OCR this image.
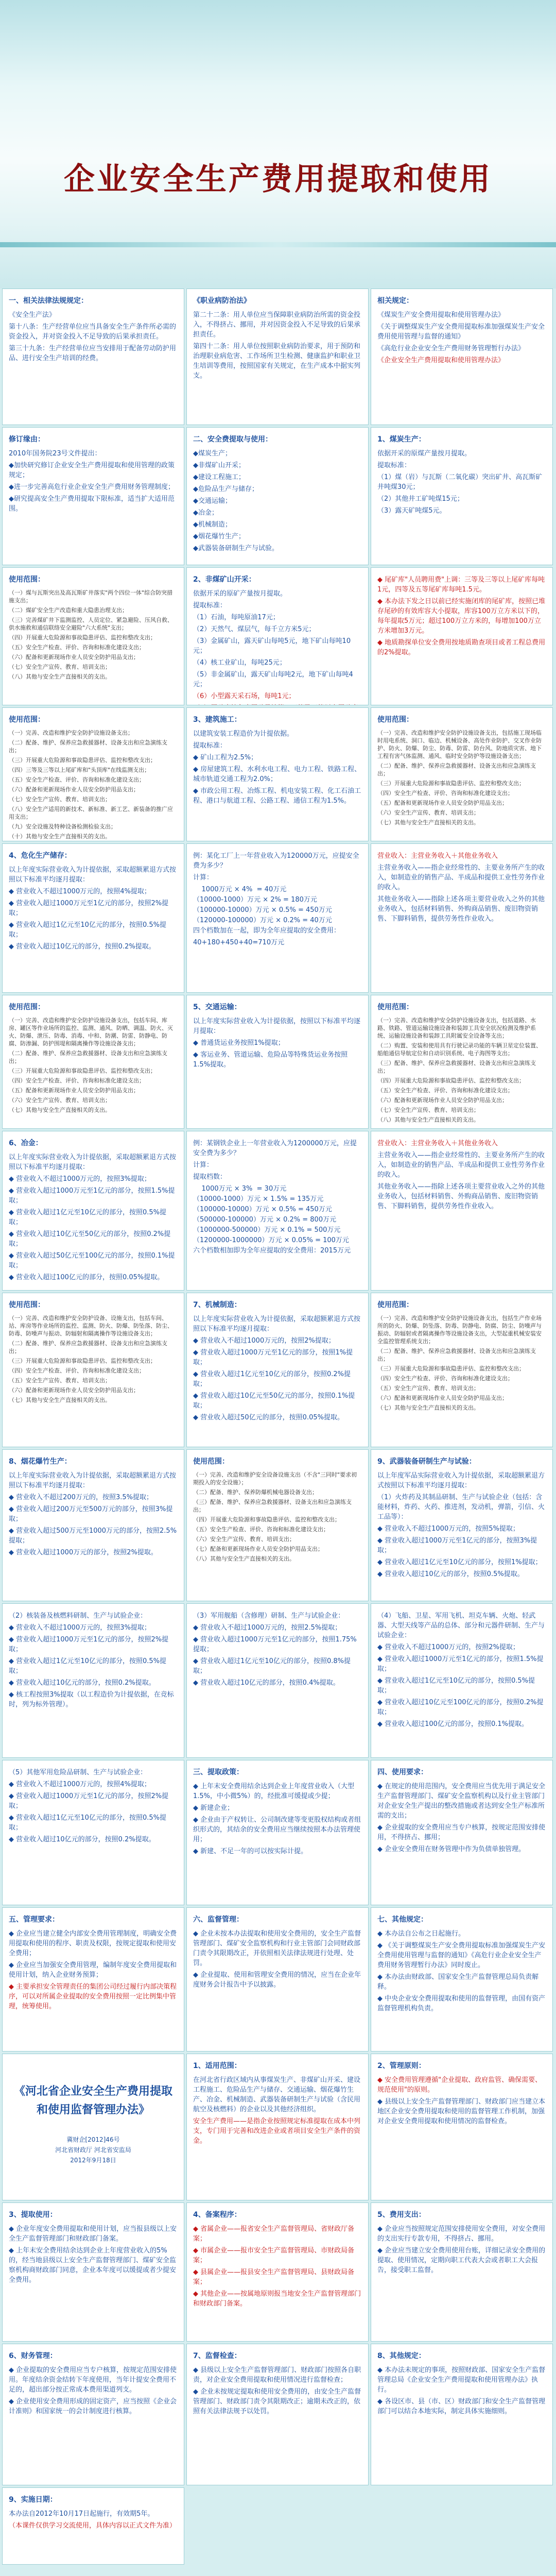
企业安全生产费用提取和使用
一、相关法律法规规定：
《安全生产法》
第十八条：生产经营单位应当具备安全生产条件所必需的资金投入，并对资金投入不足导致的后果承担责任。
第三十九条：生产经营单位应当安排用于配备劳动防护用品、进行安全生产培训的经费。
《职业病防治法》
第二十二条：用人单位应当保障职业病防治所需的资金投入，不得挤占、挪用，并对因资金投入不足导致的后果承担责任。
第四十二条：用人单位按照职业病防治要求，用于预防和治理职业病危害、工作场所卫生检测、健康监护和职业卫生培训等费用，按照国家有关规定，在生产成本中据实列支。
相关规定：
《煤炭生产安全费用提取和使用管理办法》
《关于调整煤炭生产安全费用提取标准加强煤炭生产安全费用使用管理与监督的通知》
《高危行业企业安全生产费用财务管理暂行办法》
《企业安全生产费用提取和使用管理办法》
修订缘由：
2010年国务院23号文件提出：
◆加快研究修订企业安全生产费用提取和使用管理的政策规定；
◆进一步完善高危行业企业安全生产费用财务管理制度；
◆研究提高安全生产费用提取下限标准，适当扩大适用范围。
二、安全费提取与使用：
◆煤炭生产；
◆非煤矿山开采；
◆建设工程施工；
◆危险品生产与储存；
◆交通运输；
◆冶金；
◆机械制造；
◆烟花爆竹生产；
◆武器装备研制生产与试验。
1、煤炭生产：
依据开采的原煤产量按月提取。
提取标准：
（1）煤（岩）与瓦斯（二氧化碳）突出矿井、高瓦斯矿井吨煤30元；
（2）其他井工矿吨煤15元；
（3）露天矿吨煤5元。
使用范围：
（一）煤与瓦斯突出及高瓦斯矿井落实"两个四位一体"综合防突措施支出；
（二）煤矿安全生产改造和重大隐患治理支出；
（三）完善煤矿井下监测监控、人员定位、紧急避险、压风自救、供水施救和通信联络安全避险"六大系统"支出；
（四）开展重大危险源和事故隐患评估、监控和整改支出；
（五）安全生产检查、评价、咨询和标准化建设支出；
（六）配备和更新现场作业人员安全防护用品支出；
（七）安全生产宣传、教育、培训支出；
（八）其他与安全生产直接相关的支出。
2、非煤矿山开采：
依据开采的原矿产量按月提取。
提取标准：
（1）石油，每吨原油17元；
（2）天然气、煤层气，每千立方米5元；
（3）金属矿山，露天矿山每吨5元，地下矿山每吨10元；
（4）核工业矿山，每吨25元；
（5）非金属矿山，露天矿山每吨2元，地下矿山每吨4元；
（6）小型露天采石场，每吨1元；
◆ 尾矿库"人员聘用费"上调：三等及三等以上尾矿库每吨1元，四等及五等尾矿库每吨1.5元。
◆ 本办法下发之日以前已经实施闭库的尾矿库，按照已堆存尾砂的有效库容大小提取，库容100万立方米以下的，每年提取5万元；超过100万立方米的，每增加100万立方米增加3万元。
◆ 地质勘探单位安全费用按地质勘查项目或者工程总费用的2%提取。
使用范围：
（一）完善、改造和维护安全防护设施设备支出；
（二）配备、维护、保养应急救援器材、设备支出和应急演练支出；
（三）开展重大危险源和事故隐患评估、监控和整改支出；
（四）三等及三等以上尾矿库和"头顶库"在线监测支出；
（五）安全生产检查、评价、咨询和标准化建设支出；
（六）配备和更新现场作业人员安全防护用品支出；
（七）安全生产宣传、教育、培训支出；
（八）安全生产适用的新技术、新标准、新工艺、新装备的推广应用支出；
（九）安全设施及特种设备检测检验支出；
（十）其他与安全生产直接相关的支出。
3、建筑施工：
以建筑安装工程造价为计提依据。
提取标准：
◆ 矿山工程为2.5%；
◆ 房屋建筑工程、水利水电工程、电力工程、铁路工程、城市轨道交通工程为2.0%；
◆ 市政公用工程、冶炼工程、机电安装工程、化工石油工程、港口与航道工程、公路工程、通信工程为1.5%。
使用范围：
（一）完善、改造和维护安全防护设施设备支出，包括施工现场临时用电系统、洞口、临边、机械设备、高处作业防护、交叉作业防护、防火、防爆、防尘、防毒、防雷、防台风、防地质灾害、地下工程有害气体监测、通风、临时安全防护等设施设备支出；
（二）配备、维护、保养应急救援器材、设备支出和应急演练支出；
（三）开展重大危险源和事故隐患评估、监控和整改支出；
（四）安全生产检查、评价、咨询和标准化建设支出；
（五）配备和更新现场作业人员安全防护用品支出；
（六）安全生产宣传、教育、培训支出；
（七）其他与安全生产直接相关的支出。
4、危化生产储存：
以上年度实际营业收入为计提依据，采取超额累退方式按照以下标准平均逐月提取：
◆ 营业收入不超过1000万元的，按照4%提取；
◆ 营业收入超过1000万元至1亿元的部分，按照2%提取；
◆ 营业收入超过1亿元至10亿元的部分，按照0.5%提取；
◆ 营业收入超过10亿元的部分，按照0.2%提取。
例：某化工厂上一年营业收入为120000万元，应提安全费为多少？
计算：
1000万元 × 4%  = 40万元
（10000-1000）万元 × 2% = 180万元
（100000-10000）万元 × 0.5% = 450万元
（120000-100000）万元 × 0.2% = 40万元
四个档数加在一起，即为全年应提取的安全费用：
40+180+450+40=710万元
营业收入：主营业务收入＋其他业务收入
主营业务收入——指企业经常性的、主要业务所产生的收入，如制造业的销售产品、半成品和提供工业性劳务作业的收入。
其他业务收入——指除上述各项主要营业收入之外的其他业务收入，包括材料销售、外购商品销售、废旧物资销售、下脚料销售，提供劳务性作业收入。
使用范围：
（一）完善、改造和维护安全防护设施设备支出，包括车间、库房、罐区等作业场所的监控、监测、通风、防晒、调温、防火、灭火、防爆、泄压、防毒、消毒、中和、防潮、防雷、防静电、防腐、防渗漏、防护围堤和隔离操作等设施设备支出；
（二）配备、维护、保养应急救援器材、设备支出和应急演练支出；
（三）开展重大危险源和事故隐患评估、监控和整改支出；
（四）安全生产检查、评价、咨询和标准化建设支出；
（五）配备和更新现场作业人员安全防护用品支出；
（六）安全生产宣传、教育、培训支出；
（七）其他与安全生产直接相关的支出。
5、交通运输：
以上年度实际营业收入为计提依据，按照以下标准平均逐月提取：
◆ 普通货运业务按照1%提取；
◆ 客运业务、管道运输、危险品等特殊货运业务按照1.5%提取。
使用范围：
（一）完善、改造和维护安全防护设施设备支出，包括道路、水路、铁路、管道运输设施设备和装卸工具安全状况检测及维护系统、运输设施设备和装卸工具附属安全设备等支出；
（二）购置、安装和使用具有行驶记录功能的车辆卫星定位装置、船舶通信导航定位和自动识别系统、电子海图等支出；
（三）配备、维护、保养应急救援器材、设备支出和应急演练支出；
（四）开展重大危险源和事故隐患评估、监控和整改支出；
（五）安全生产检查、评价、咨询和标准化建设支出；
（六）配备和更新现场作业人员安全防护用品支出；
（七）安全生产宣传、教育、培训支出；
（八）其他与安全生产直接相关的支出。
6、冶金：
以上年度实际营业收入为计提依据，采取超额累退方式按照以下标准平均逐月提取：
◆ 营业收入不超过1000万元的，按照3%提取；
◆ 营业收入超过1000万元至1亿元的部分，按照1.5%提取；
◆ 营业收入超过1亿元至10亿元的部分，按照0.5%提取；
◆ 营业收入超过10亿元至50亿元的部分，按照0.2%提取；
◆ 营业收入超过50亿元至100亿元的部分，按照0.1%提取；
◆ 营业收入超过100亿元的部分，按照0.05%提取。
例：某钢铁企业上一年营业收入为1200000万元，应提安全费为多少？
计算：
提取档数：
1000万元 × 3%  = 30万元
（10000-1000）万元 × 1.5% = 135万元
（100000-10000）万元 × 0.5% = 450万元
（500000-100000）万元 × 0.2% = 800万元
（1000000-500000）万元 × 0.1% = 500万元
（1200000-1000000）万元 × 0.05% = 100万元
六个档数相加即为全年应提取的安全费用：2015万元
营业收入：主营业务收入＋其他业务收入
主营业务收入——指企业经常性的、主要业务所产生的收入，如制造业的销售产品、半成品和提供工业性劳务作业的收入。
其他业务收入——指除上述各项主要营业收入之外的其他业务收入，包括材料销售、外购商品销售、废旧物资销售、下脚料销售，提供劳务性作业收入。
使用范围：
（一）完善、改造和维护安全防护设备、设施支出，包括车间、站、库房等作业场所的监控、监测、防火、防爆、防坠落、防尘、防毒、防噪声与振动、防辐射和隔离操作等设施设备支出；
（二）配备、维护、保养应急救援器材、设备支出和应急演练支出；
（三）开展重大危险源和事故隐患评估、监控和整改支出；
（四）安全生产检查、评价、咨询和标准化建设支出；
（五）安全生产宣传、教育、培训支出；
（六）配备和更新现场作业人员安全防护用品支出；
（七）其他与安全生产直接相关的支出。
7、机械制造：
以上年度实际营业收入为计提依据，采取超额累退方式按照以下标准平均逐月提取：
◆ 营业收入不超过1000万元的，按照2%提取；
◆ 营业收入超过1000万元至1亿元的部分，按照1%提取；
◆ 营业收入超过1亿元至10亿元的部分，按照0.2%提取；
◆ 营业收入超过10亿元至50亿元的部分，按照0.1%提取；
◆ 营业收入超过50亿元的部分，按照0.05%提取。
使用范围：
（一）完善、改造和维护安全防护设施设备支出，包括生产作业场所的防火、防爆、防坠落、防毒、防静电、防腐、防尘、防噪声与振动、防辐射或者隔离操作等设施设备支出，大型起重机械安装安全监控管理系统支出；
（二）配备、维护、保养应急救援器材、设备支出和应急演练支出；
（三）开展重大危险源和事故隐患评估、监控和整改支出；
（四）安全生产检查、评价、咨询和标准化建设支出；
（五）安全生产宣传、教育、培训支出；
（六）配备和更新现场作业人员安全防护用品支出；
（七）其他与安全生产直接相关的支出。
8、烟花爆竹生产：
以上年度实际营业收入为计提依据，采取超额累退方式按照以下标准平均逐月提取：
◆ 营业收入不超过200万元的，按照3.5%提取；
◆ 营业收入超过200万元至500万元的部分，按照3%提取；
◆ 营业收入超过500万元至1000万元的部分，按照2.5%提取；
◆ 营业收入超过1000万元的部分，按照2%提取。
使用范围：
（一）完善、改造和维护安全设备设施支出（不含"三同时"要求初期投入的安全设施）；
（二）配备、维护、保养防爆机械电器设备支出；
（三）配备、维护、保养应急救援器材、设备支出和应急演练支出；
（四）开展重大危险源和事故隐患评估、监控和整改支出；
（五）安全生产检查、评价、咨询和标准化建设支出；
（六）安全生产宣传、教育、培训支出；
（七）配备和更新现场作业人员安全防护用品支出；
（八）其他与安全生产直接相关的支出。
9、武器装备研制生产与试验：
以上年度军品实际营业收入为计提依据，采取超额累退方式按照以下标准平均逐月提取：
（1）火炸药及其制品研制、生产与试验企业（包括：含能材料，炸药、火药、推进剂，发动机，弹箭，引信、火工品等）：
◆ 营业收入不超过1000万元的，按照5%提取；
◆ 营业收入超过1000万元至1亿元的部分，按照3%提取；
◆ 营业收入超过1亿元至10亿元的部分，按照1%提取；
◆ 营业收入超过10亿元的部分，按照0.5%提取。
（2）核装备及核燃料研制、生产与试验企业：
◆ 营业收入不超过1000万元的，按照3%提取；
◆ 营业收入超过1000万元至1亿元的部分，按照2%提取；
◆ 营业收入超过1亿元至10亿元的部分，按照0.5%提取；
◆ 营业收入超过10亿元的部分，按照0.2%提取。
◆ 核工程按照3%提取（以工程造价为计提依据，在竞标时，列为标外管理）。
（3）军用舰船（含修理）研制、生产与试验企业：
◆ 营业收入不超过1000万元的，按照2.5%提取；
◆ 营业收入超过1000万元至1亿元的部分，按照1.75%提取；
◆ 营业收入超过1亿元至10亿元的部分，按照0.8%提取；
◆ 营业收入超过10亿元的部分，按照0.4%提取。
（4）飞船、卫星、军用飞机、坦克车辆、火炮、轻武器、大型天线等产品的总体、部分和元器件研制、生产与试验企业：
◆ 营业收入不超过1000万元的，按照2%提取；
◆ 营业收入超过1000万元至1亿元的部分，按照1.5%提取；
◆ 营业收入超过1亿元至10亿元的部分，按照0.5%提取；
◆ 营业收入超过10亿元至100亿元的部分，按照0.2%提取；
◆ 营业收入超过100亿元的部分，按照0.1%提取。
（5）其他军用危险品研制、生产与试验企业：
◆ 营业收入不超过1000万元的，按照4%提取；
◆ 营业收入超过1000万元至1亿元的部分，按照2%提取；
◆ 营业收入超过1亿元至10亿元的部分，按照0.5%提取；
◆ 营业收入超过10亿元的部分，按照0.2%提取。
三、提取政策：
◆ 上年末安全费用结余达到企业上年度营业收入（大型1.5%，中小微5%）的，经批准可缓提或少提；
◆ 新建企业；
◆ 企业由于产权转让、公司制改建等变更股权结构或者组织形式的，其结余的安全费用应当继续按照本办法管理使用；
◆ 新建、不足一年的可以按实际计提。
四、使用要求：
◆ 在规定的使用范围内，安全费用应当优先用于满足安全生产监督管理部门、煤矿安全监察机构以及行业主管部门对企业安全生产提出的整改措施或者达到安全生产标准所需的支出；
◆ 企业提取的安全费用应当专户核算，按规定范围安排使用，不得挤占、挪用；
◆ 企业安全费用在财务管理中作为负债单独管理。
五、管理要求：
◆ 企业应当建立健全内部安全费用管理制度，明确安全费用提取和使用的程序、职责及权限，按规定提取和使用安全费用；
◆ 企业应当加强安全费用管理，编制年度安全费用提取和使用计划，纳入企业财务预算；
◆ 主要承担安全管理责任的集团公司经过履行内部决策程序，可以对所属企业提取的安全费用按照一定比例集中管理，统筹使用。
六、监督管理：
◆ 企业未按本办法提取和使用安全费用的，安全生产监督管理部门、煤矿安全监察机构和行业主管部门会同财政部门责令其限期改正，并依照相关法律法规进行处理、处罚。
◆ 企业提取、使用和管理安全费用的情况，应当在企业年度财务会计报告中予以披露。
七、其他规定：
◆ 本办法自公布之日起施行。
◆ 《关于调整煤炭生产安全费用提取标准加强煤炭生产安全费用使用管理与监督的通知》《高危行业企业安全生产费用财务管理暂行办法》同时废止。
◆ 本办法由财政部、国家安全生产监督管理总局负责解释。
◆ 中央企业安全费用提取和使用的监督管理，由国有资产监督管理机构负责。
《河北省企业安全生产费用提取和使用监督管理办法》
冀财企[2012]46号
河北省财政厅 河北省安监局
2012年9月18日
1、适用范围：
在河北省行政区域内从事煤炭生产、非煤矿山开采、建设工程施工、危险品生产与储存、交通运输、烟花爆竹生产、冶金、机械制造、武器装备研制生产与试验（含民用航空及核燃料）的企业以及其他经济组织。
安全生产费用——是指企业按照规定标准提取在成本中列支，专门用于完善和改进企业或者项目安全生产条件的资金。
2、管理原则：
◆ 安全费用管理遵循"企业提取、政府监管、确保需要、规范使用"的原则。
◆ 县级以上安全生产监督管理部门、财政部门应当建立本地区企业安全费用提取和使用的监督管理工作机制，加强对企业安全费用提取和使用情况的监督检查。
3、提取使用：
◆ 企业年度安全费用提取和使用计划，应当报县级以上安全生产监督管理部门和财政部门备案。
◆ 上年末安全费用结余达到企业上年度营业收入的5%的，经当地县级以上安全生产监督管理部门、煤矿安全监察机构商财政部门同意，企业本年度可以缓提或者少提安全费用。
4、备案程序：
◆ 省属企业——报省安全生产监督管理局、省财政厅备案；
◆ 市属企业——报市安全生产监督管理局、市财政局备案；
◆ 县属企业——报县安全生产监督管理局、县财政局备案；
◆ 其他企业——按属地原则报当地安全生产监督管理部门和财政部门备案。
5、费用支出：
◆ 企业应当按照规定范围安排使用安全费用，对安全费用的支出实行专款专用，不得挤占、挪用。
◆ 企业应当建立安全费用使用台账，详细记录安全费用的提取、使用情况，定期向职工代表大会或者职工大会报告，接受职工监督。
6、财务管理：
◆ 企业提取的安全费用应当专户核算，按规定范围安排使用。年度结余资金结转下年度使用，当年计提安全费用不足的，超出部分按正常成本费用渠道列支。
◆ 企业使用安全费用形成的固定资产，应当按照《企业会计准则》和国家统一的会计制度进行核算。
7、监督检查：
◆ 县级以上安全生产监督管理部门、财政部门按照各自职责，对企业安全费用提取和使用情况进行监督检查；
◆ 企业未按规定提取和使用安全费用的，由安全生产监督管理部门、财政部门责令其限期改正；逾期未改正的，依照有关法律法规予以处罚。
8、其他规定：
◆ 本办法未规定的事项，按照财政部、国家安全生产监督管理总局《企业安全生产费用提取和使用管理办法》执行。
◆ 各设区市、县（市、区）财政部门和安全生产监督管理部门可以结合本地实际，制定具体实施细则。
9、实施日期：
本办法自2012年10月17日起施行，有效期5年。
（本课件仅供学习交流使用，具体内容以正式文件为准）
